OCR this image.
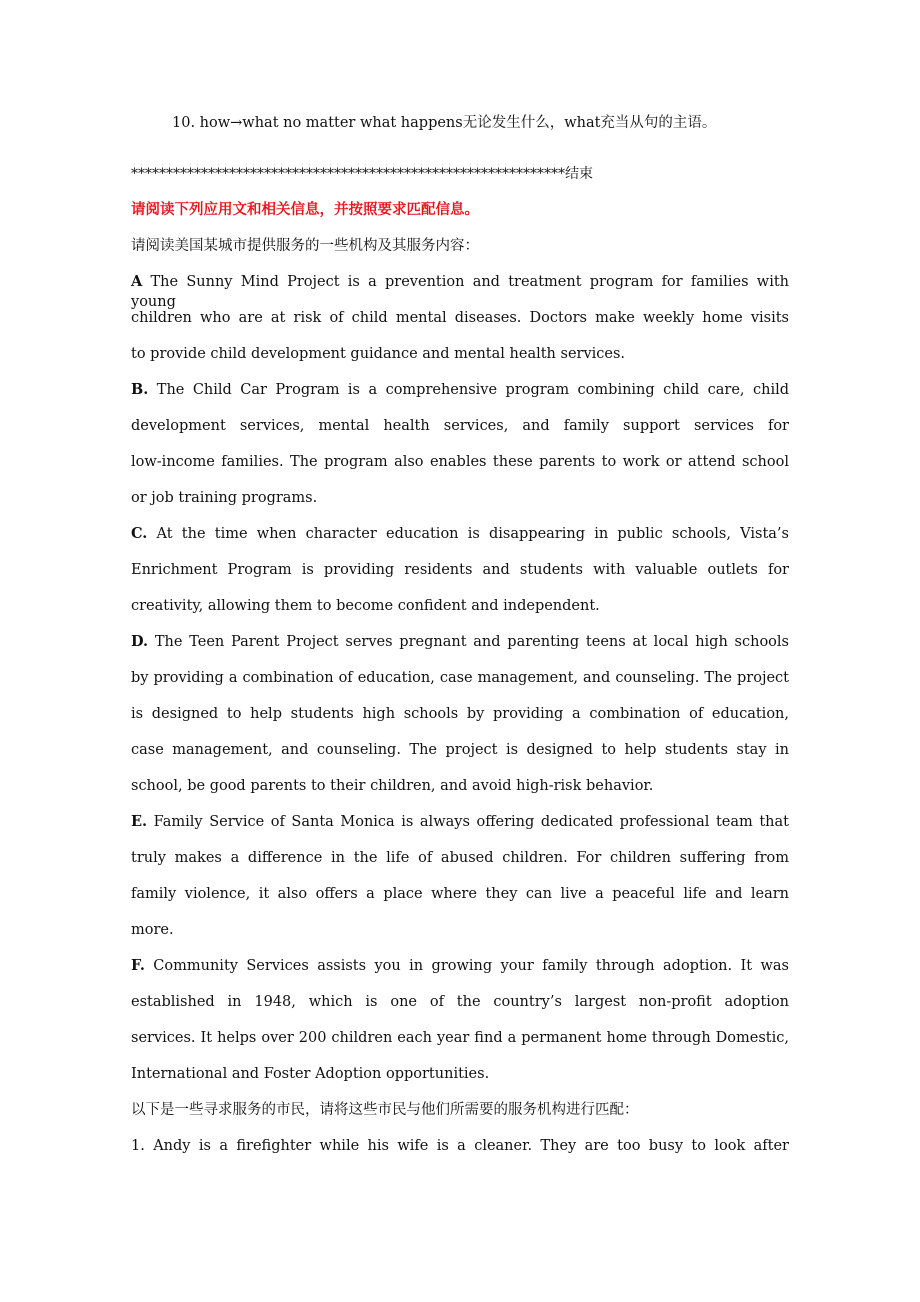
10. how→what no matter what happens无论发生什么，what充当从句的主语。
**************************************************************结束
请阅读下列应用文和相关信息，并按照要求匹配信息。
请阅读美国某城市提供服务的一些机构及其服务内容：
A The Sunny Mind Project is a prevention and treatment program for families with young
children who are at risk of child mental diseases. Doctors make weekly home visits
to provide child development guidance and mental health services.
B. The Child Car Program is a comprehensive program combining child care, child
development services, mental health services, and family support services for
low-income families. The program also enables these parents to work or attend school
or job training programs.
C. At the time when character education is disappearing in public schools, Vista’s
Enrichment Program is providing residents and students with valuable outlets for
creativity, allowing them to become confident and independent.
D. The Teen Parent Project serves pregnant and parenting teens at local high schools
by providing a combination of education, case management, and counseling. The project
is designed to help students high schools by providing a combination of education,
case management, and counseling. The project is designed to help students stay in
school, be good parents to their children, and avoid high-risk behavior.
E. Family Service of Santa Monica is always offering dedicated professional team that
truly makes a difference in the life of abused children. For children suffering from
family violence, it also offers a place where they can live a peaceful life and learn
more.
F. Community Services assists you in growing your family through adoption. It was
established in 1948, which is one of the country’s largest non-profit adoption
services. It helps over 200 children each year find a permanent home through Domestic,
International and Foster Adoption opportunities.
以下是一些寻求服务的市民，请将这些市民与他们所需要的服务机构进行匹配：
1. Andy is a firefighter while his wife is a cleaner. They are too busy to look after
